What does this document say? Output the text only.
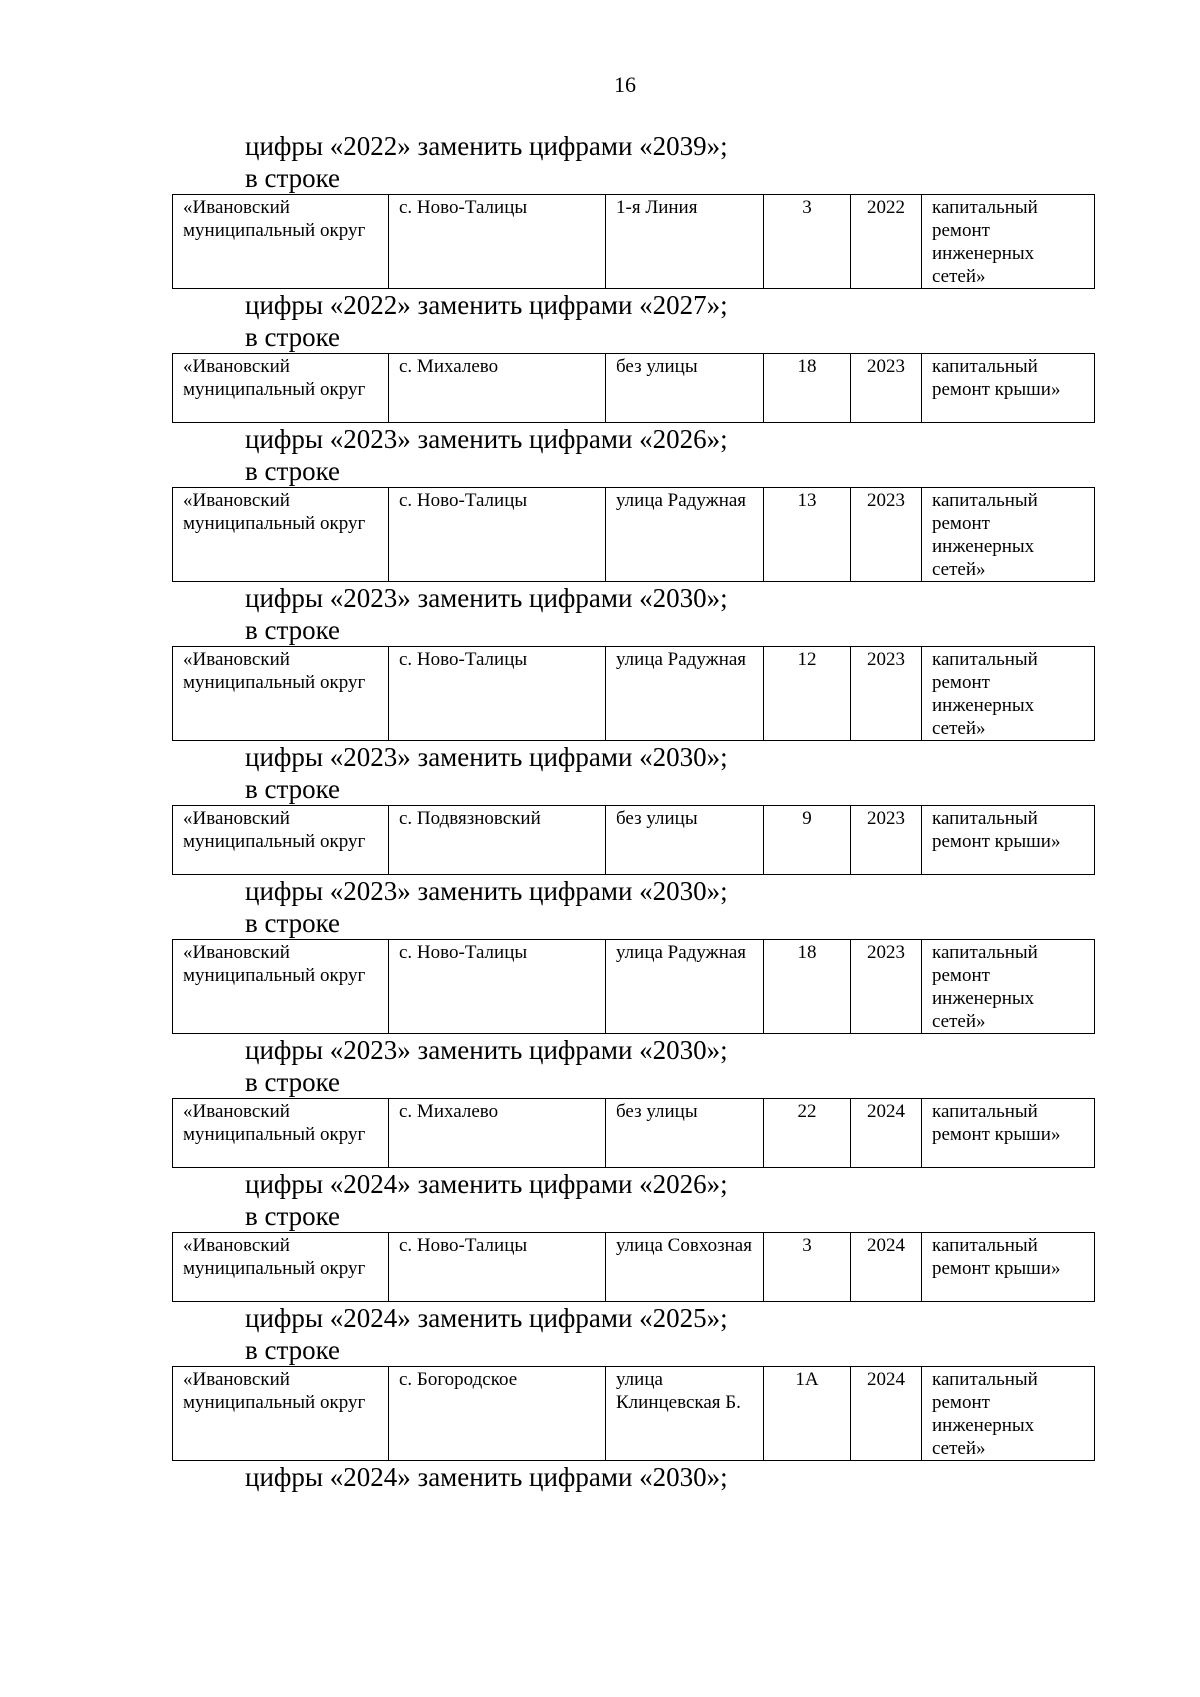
16
цифры «2022» заменить цифрами «2039»;
в строке
«Ивановский муниципальный округ	с. Ново-Талицы	1-я Линия	3	2022	капитальный ремонт инженерных сетей»
цифры «2022» заменить цифрами «2027»;
в строке
«Ивановский муниципальный округ	с. Михалево	без улицы	18	2023	капитальный ремонт крыши»
цифры «2023» заменить цифрами «2026»;
в строке
«Ивановский муниципальный округ	с. Ново-Талицы	улица Радужная	13	2023	капитальный ремонт инженерных сетей»
цифры «2023» заменить цифрами «2030»;
в строке
«Ивановский муниципальный округ	с. Ново-Талицы	улица Радужная	12	2023	капитальный ремонт инженерных сетей»
цифры «2023» заменить цифрами «2030»;
в строке
«Ивановский муниципальный округ	с. Подвязновский	без улицы	9	2023	капитальный ремонт крыши»
цифры «2023» заменить цифрами «2030»;
в строке
«Ивановский муниципальный округ	с. Ново-Талицы	улица Радужная	18	2023	капитальный ремонт инженерных сетей»
цифры «2023» заменить цифрами «2030»;
в строке
«Ивановский муниципальный округ	с. Михалево	без улицы	22	2024	капитальный ремонт крыши»
цифры «2024» заменить цифрами «2026»;
в строке
«Ивановский муниципальный округ	с. Ново-Талицы	улица Совхозная	3	2024	капитальный ремонт крыши»
цифры «2024» заменить цифрами «2025»;
в строке
«Ивановский муниципальный округ	с. Богородское	улица Клинцевская Б.	1А	2024	капитальный ремонт инженерных сетей»
цифры «2024» заменить цифрами «2030»;
